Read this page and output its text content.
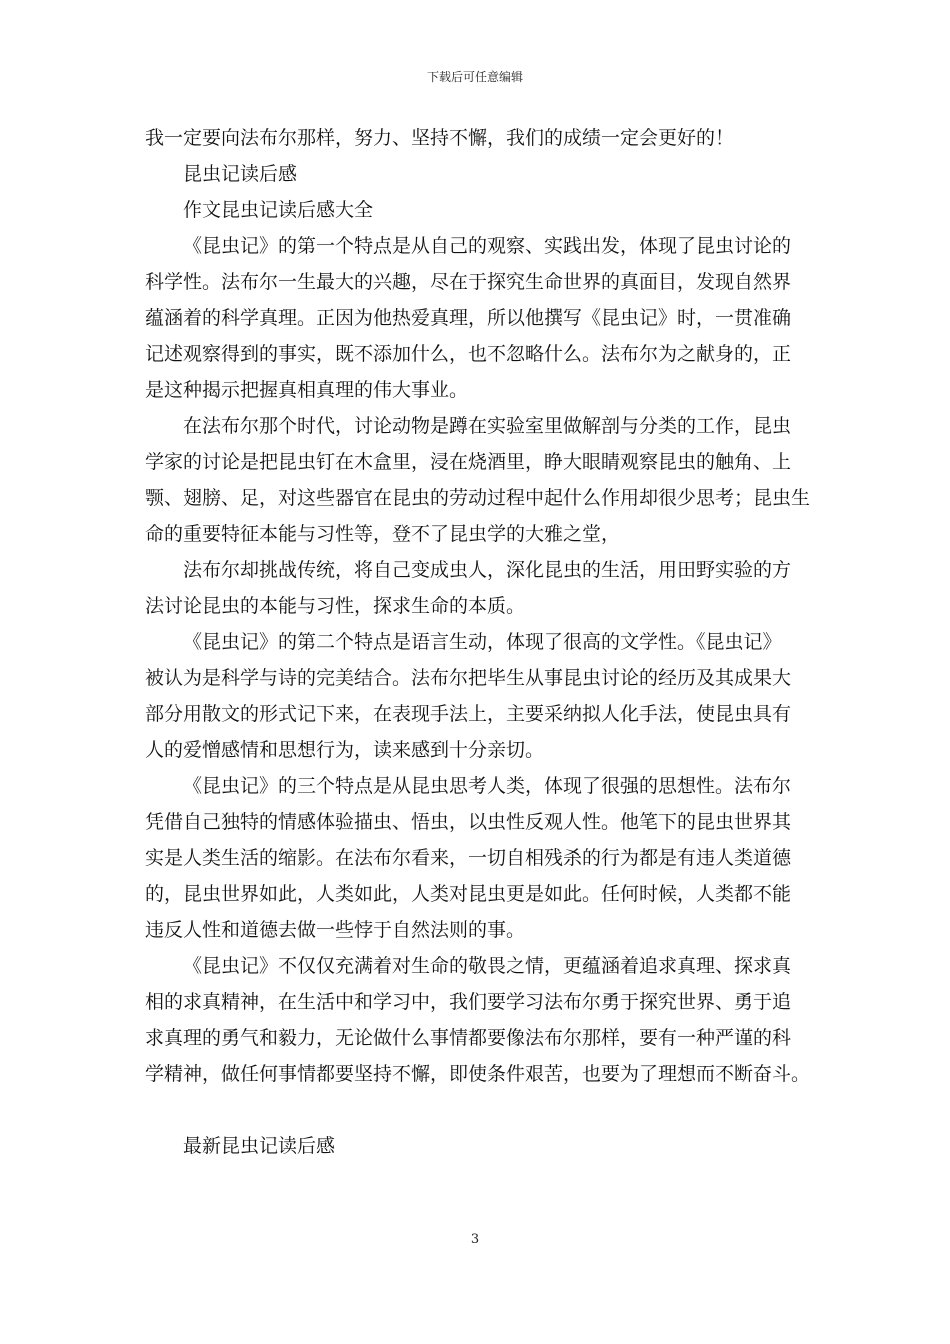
下载后可任意编辑
我一定要向法布尔那样，努力、坚持不懈，我们的成绩一定会更好的！
昆虫记读后感
作文昆虫记读后感大全
《昆虫记》的第一个特点是从自己的观察、实践出发，体现了昆虫讨论的
科学性。法布尔一生最大的兴趣，尽在于探究生命世界的真面目，发现自然界
蕴涵着的科学真理。正因为他热爱真理，所以他撰写《昆虫记》时，一贯准确
记述观察得到的事实，既不添加什么，也不忽略什么。法布尔为之献身的，正
是这种揭示把握真相真理的伟大事业。
在法布尔那个时代，讨论动物是蹲在实验室里做解剖与分类的工作，昆虫
学家的讨论是把昆虫钉在木盒里，浸在烧酒里，睁大眼睛观察昆虫的触角、上
颚、翅膀、足，对这些器官在昆虫的劳动过程中起什么作用却很少思考；昆虫生
命的重要特征本能与习性等，登不了昆虫学的大雅之堂，
法布尔却挑战传统，将自己变成虫人，深化昆虫的生活，用田野实验的方
法讨论昆虫的本能与习性，探求生命的本质。
《昆虫记》的第二个特点是语言生动，体现了很高的文学性。《昆虫记》
被认为是科学与诗的完美结合。法布尔把毕生从事昆虫讨论的经历及其成果大
部分用散文的形式记下来，在表现手法上，主要采纳拟人化手法，使昆虫具有
人的爱憎感情和思想行为，读来感到十分亲切。
《昆虫记》的三个特点是从昆虫思考人类，体现了很强的思想性。法布尔
凭借自己独特的情感体验描虫、悟虫，以虫性反观人性。他笔下的昆虫世界其
实是人类生活的缩影。在法布尔看来，一切自相残杀的行为都是有违人类道德
的，昆虫世界如此，人类如此，人类对昆虫更是如此。任何时候，人类都不能
违反人性和道德去做一些悖于自然法则的事。
《昆虫记》不仅仅充满着对生命的敬畏之情，更蕴涵着追求真理、探求真
相的求真精神，在生活中和学习中，我们要学习法布尔勇于探究世界、勇于追
求真理的勇气和毅力，无论做什么事情都要像法布尔那样，要有一种严谨的科
学精神，做任何事情都要坚持不懈，即使条件艰苦，也要为了理想而不断奋斗。
最新昆虫记读后感
3
